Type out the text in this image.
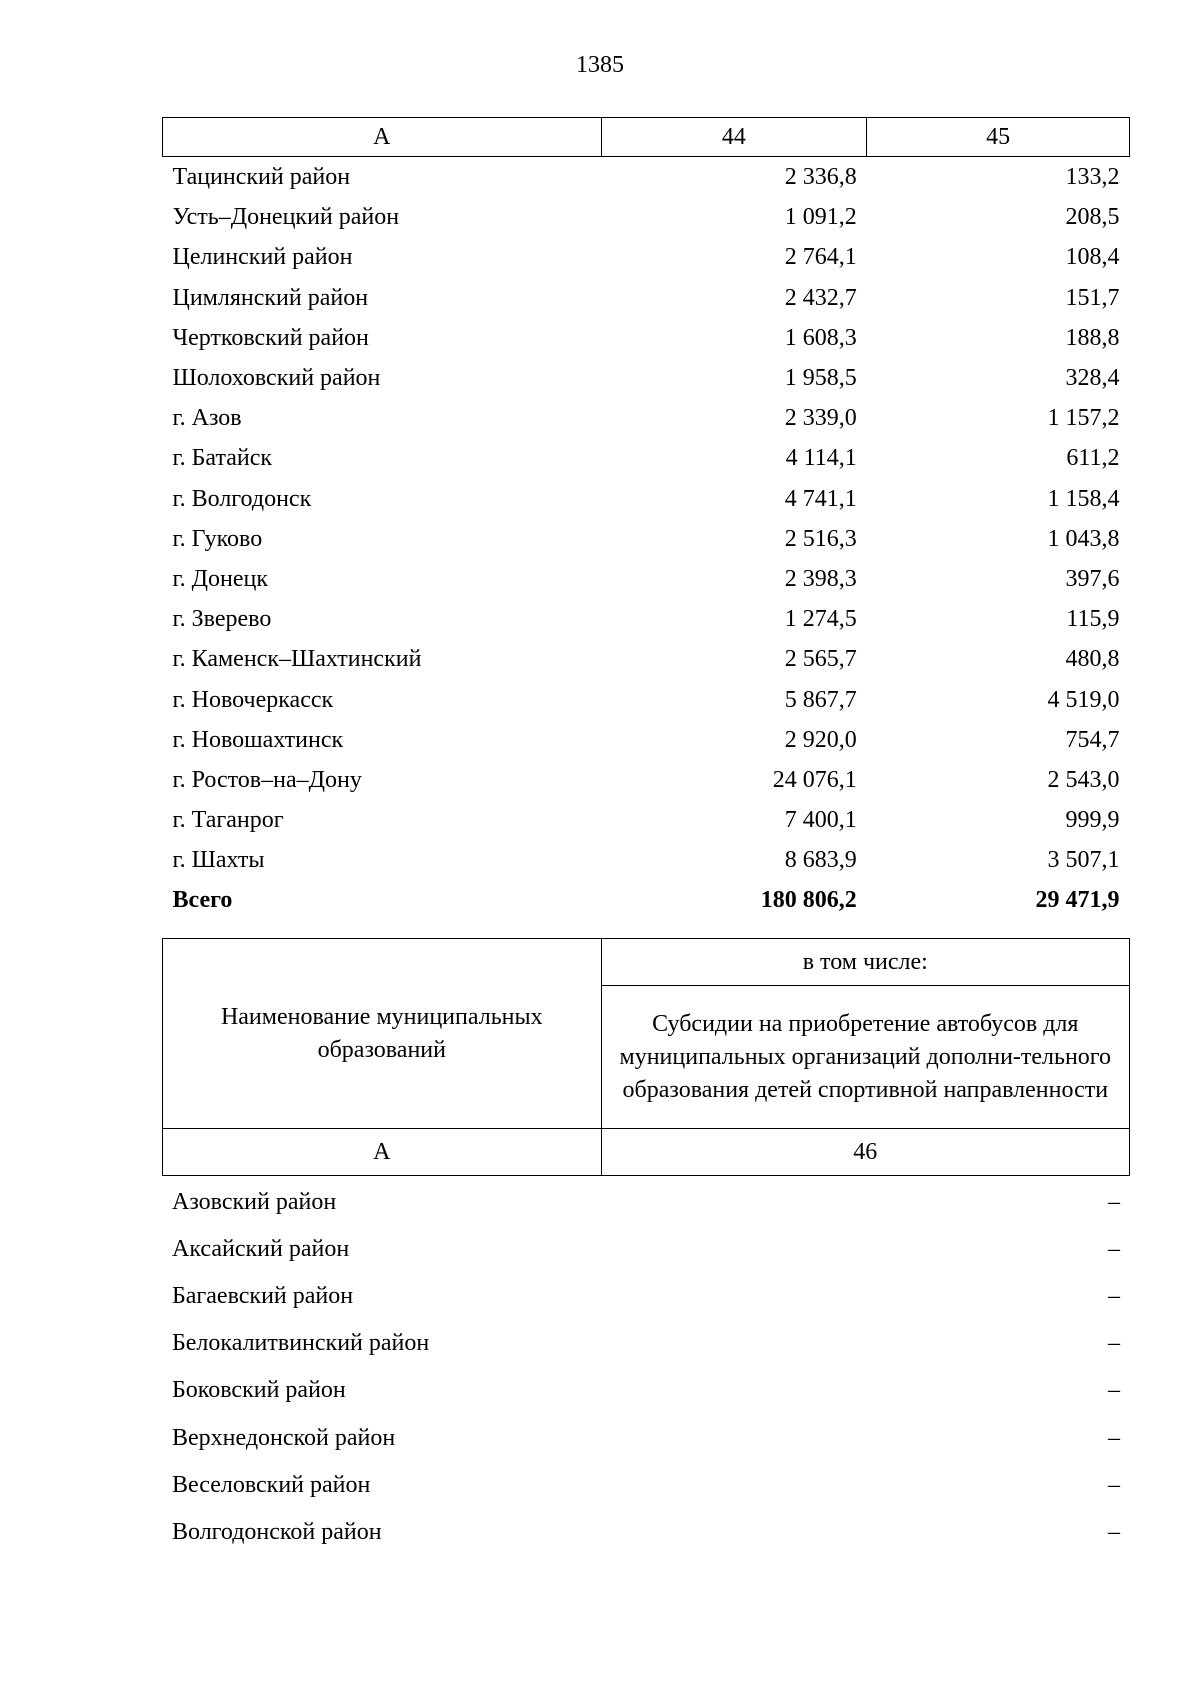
1385
А	44	45
Тацинский район	2 336,8	133,2
Усть–Донецкий район	1 091,2	208,5
Целинский район	2 764,1	108,4
Цимлянский район	2 432,7	151,7
Чертковский район	1 608,3	188,8
Шолоховский район	1 958,5	328,4
г. Азов	2 339,0	1 157,2
г. Батайск	4 114,1	611,2
г. Волгодонск	4 741,1	1 158,4
г. Гуково	2 516,3	1 043,8
г. Донецк	2 398,3	397,6
г. Зверево	1 274,5	115,9
г. Каменск–Шахтинский	2 565,7	480,8
г. Новочеркасск	5 867,7	4 519,0
г. Новошахтинск	2 920,0	754,7
г. Ростов–на–Дону	24 076,1	2 543,0
г. Таганрог	7 400,1	999,9
г. Шахты	8 683,9	3 507,1
Всего	180 806,2	29 471,9
Наименование муниципальных образований	в том числе:
	Субсидии на приобретение автобусов для муниципальных организаций дополни-тельного образования детей спортивной направленности
А	46
Азовский район	–
Аксайский район	–
Багаевский район	–
Белокалитвинский район	–
Боковский район	–
Верхнедонской район	–
Веселовский район	–
Волгодонской район	–
